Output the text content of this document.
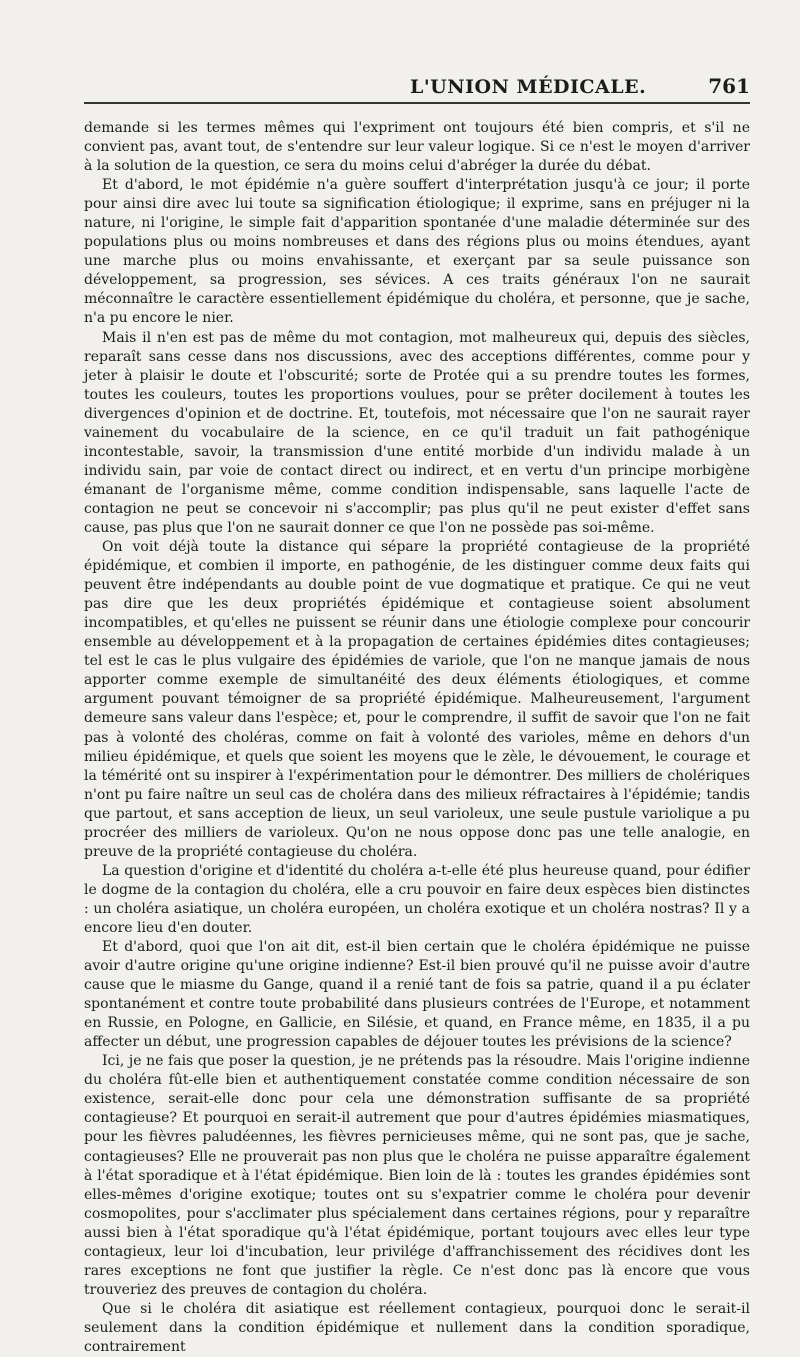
L'UNION MÉDICALE.	761

demande si les termes mêmes qui l'expriment ont toujours été bien compris, et s'il ne convient pas, avant tout, de s'entendre sur leur valeur logique. Si ce n'est le moyen d'arriver à la solution de la question, ce sera du moins celui d'abréger la durée du débat.

Et d'abord, le mot épidémie n'a guère souffert d'interprétation jusqu'à ce jour; il porte pour ainsi dire avec lui toute sa signification étiologique; il exprime, sans en préjuger ni la nature, ni l'origine, le simple fait d'apparition spontanée d'une maladie déterminée sur des populations plus ou moins nombreuses et dans des régions plus ou moins étendues, ayant une marche plus ou moins envahissante, et exerçant par sa seule puissance son développement, sa progression, ses sévices. A ces traits généraux l'on ne saurait méconnaître le caractère essentiellement épidémique du choléra, et personne, que je sache, n'a pu encore le nier.

Mais il n'en est pas de même du mot contagion, mot malheureux qui, depuis des siècles, reparaît sans cesse dans nos discussions, avec des acceptions différentes, comme pour y jeter à plaisir le doute et l'obscurité; sorte de Protée qui a su prendre toutes les formes, toutes les couleurs, toutes les proportions voulues, pour se prêter docilement à toutes les divergences d'opinion et de doctrine. Et, toutefois, mot nécessaire que l'on ne saurait rayer vainement du vocabulaire de la science, en ce qu'il traduit un fait pathogénique incontestable, savoir, la transmission d'une entité morbide d'un individu malade à un individu sain, par voie de contact direct ou indirect, et en vertu d'un principe morbigène émanant de l'organisme même, comme condition indispensable, sans laquelle l'acte de contagion ne peut se concevoir ni s'accomplir; pas plus qu'il ne peut exister d'effet sans cause, pas plus que l'on ne saurait donner ce que l'on ne possède pas soi-même.

On voit déjà toute la distance qui sépare la propriété contagieuse de la propriété épidémique, et combien il importe, en pathogénie, de les distinguer comme deux faits qui peuvent être indépendants au double point de vue dogmatique et pratique. Ce qui ne veut pas dire que les deux propriétés épidémique et contagieuse soient absolument incompatibles, et qu'elles ne puissent se réunir dans une étiologie complexe pour concourir ensemble au développement et à la propagation de certaines épidémies dites contagieuses; tel est le cas le plus vulgaire des épidémies de variole, que l'on ne manque jamais de nous apporter comme exemple de simultanéité des deux éléments étiologiques, et comme argument pouvant témoigner de sa propriété épidémique. Malheureusement, l'argument demeure sans valeur dans l'espèce; et, pour le comprendre, il suffit de savoir que l'on ne fait pas à volonté des choléras, comme on fait à volonté des varioles, même en dehors d'un milieu épidémique, et quels que soient les moyens que le zèle, le dévouement, le courage et la témérité ont su inspirer à l'expérimentation pour le démontrer. Des milliers de cholériques n'ont pu faire naître un seul cas de choléra dans des milieux réfractaires à l'épidémie; tandis que partout, et sans acception de lieux, un seul varioleux, une seule pustule variolique a pu procréer des milliers de varioleux. Qu'on ne nous oppose donc pas une telle analogie, en preuve de la propriété contagieuse du choléra.

La question d'origine et d'identité du choléra a-t-elle été plus heureuse quand, pour édifier le dogme de la contagion du choléra, elle a cru pouvoir en faire deux espèces bien distinctes : un choléra asiatique, un choléra européen, un choléra exotique et un choléra nostras? Il y a encore lieu d'en douter.

Et d'abord, quoi que l'on ait dit, est-il bien certain que le choléra épidémique ne puisse avoir d'autre origine qu'une origine indienne? Est-il bien prouvé qu'il ne puisse avoir d'autre cause que le miasme du Gange, quand il a renié tant de fois sa patrie, quand il a pu éclater spontanément et contre toute probabilité dans plusieurs contrées de l'Europe, et notamment en Russie, en Pologne, en Gallicie, en Silésie, et quand, en France même, en 1835, il a pu affecter un début, une progression capables de déjouer toutes les prévisions de la science?

Ici, je ne fais que poser la question, je ne prétends pas la résoudre. Mais l'origine indienne du choléra fût-elle bien et authentiquement constatée comme condition nécessaire de son existence, serait-elle donc pour cela une démonstration suffisante de sa propriété contagieuse? Et pourquoi en serait-il autrement que pour d'autres épidémies miasmatiques, pour les fièvres paludéennes, les fièvres pernicieuses même, qui ne sont pas, que je sache, contagieuses? Elle ne prouverait pas non plus que le choléra ne puisse apparaître également à l'état sporadique et à l'état épidémique. Bien loin de là : toutes les grandes épidémies sont elles-mêmes d'origine exotique; toutes ont su s'expatrier comme le choléra pour devenir cosmopolites, pour s'acclimater plus spécialement dans certaines régions, pour y reparaître aussi bien à l'état sporadique qu'à l'état épidémique, portant toujours avec elles leur type contagieux, leur loi d'incubation, leur privilége d'affranchissement des récidives dont les rares exceptions ne font que justifier la règle. Ce n'est donc pas là encore que vous trouveriez des preuves de contagion du choléra.

Que si le choléra dit asiatique est réellement contagieux, pourquoi donc le serait-il seulement dans la condition épidémique et nullement dans la condition sporadique, contrairement
